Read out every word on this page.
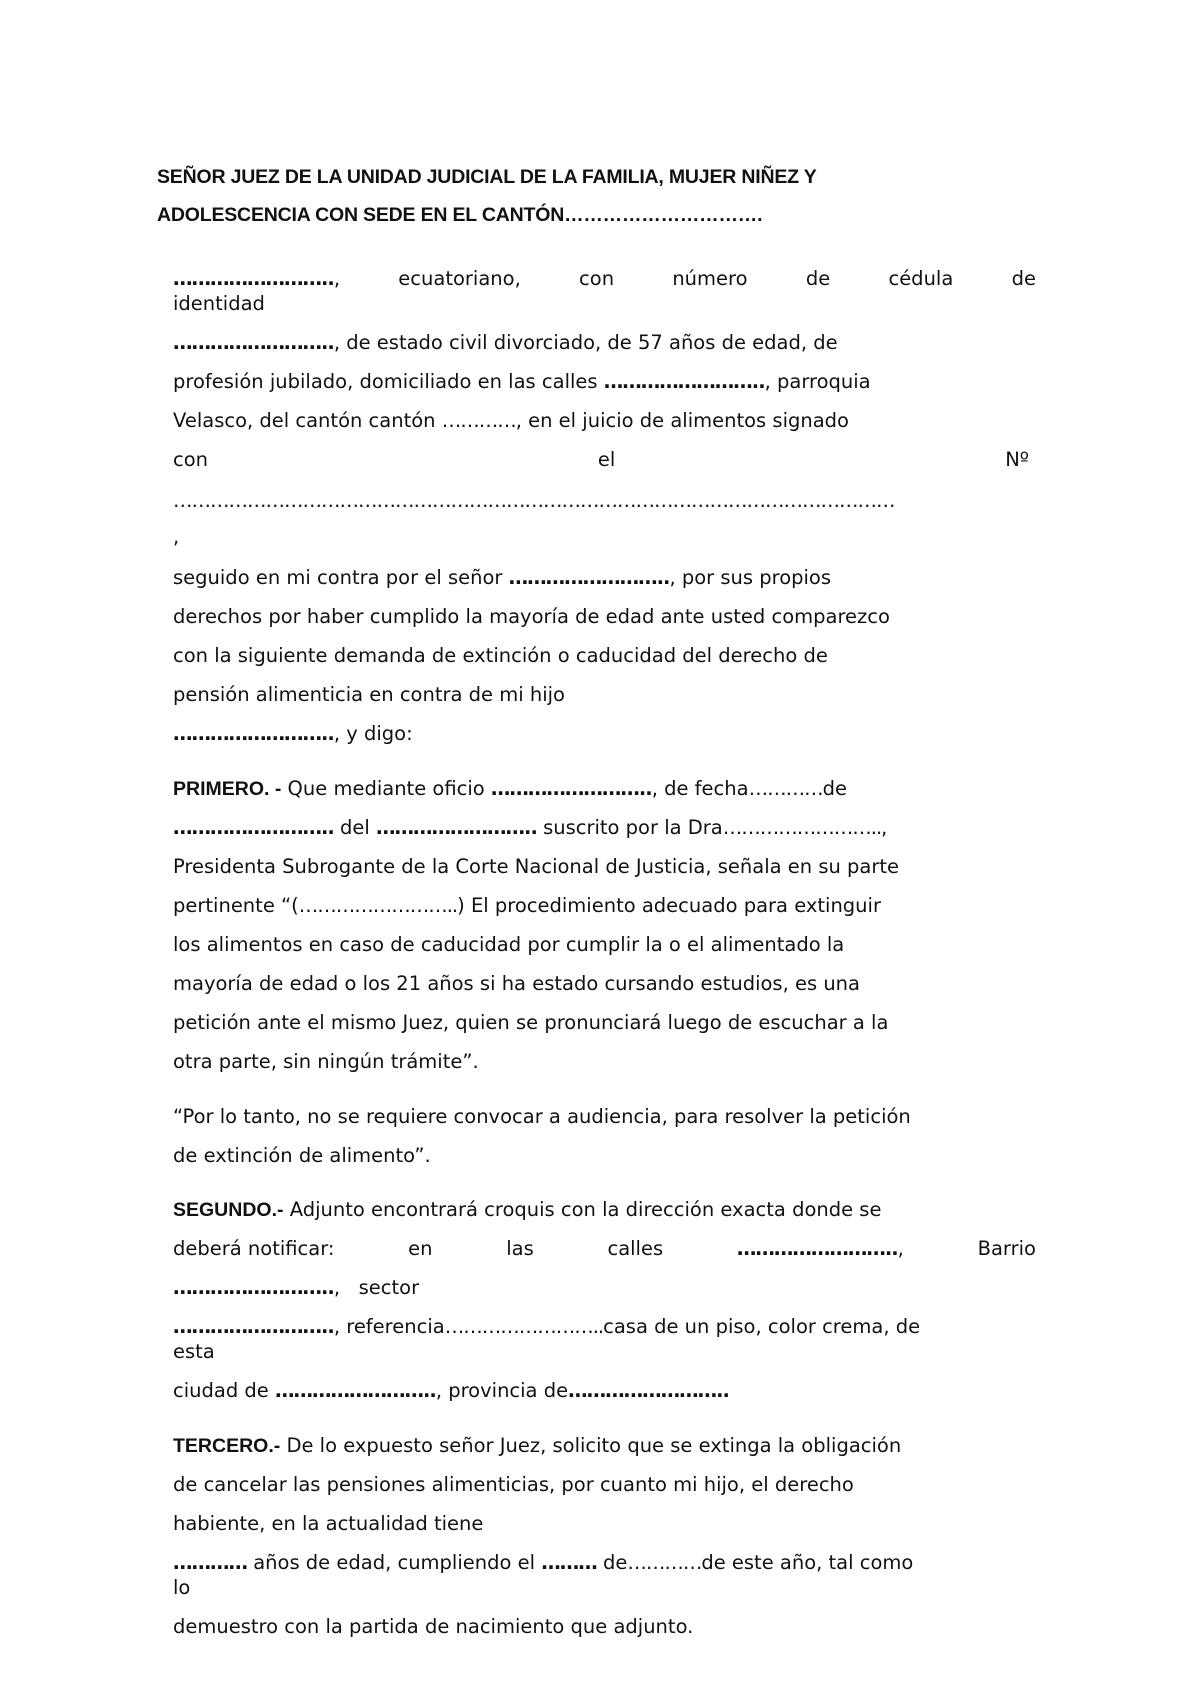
SEÑOR JUEZ DE LA UNIDAD JUDICIAL DE LA FAMILIA, MUJER NIÑEZ Y
ADOLESCENCIA CON SEDE EN EL CANTÓN………………………….
……………………..,	ecuatoriano,	con	número	de	cédula	de
identidad
…………………….., de estado civil divorciado, de 57 años de edad, de
profesión jubilado, domiciliado en las calles …………………….., parroquia
Velasco, del cantón cantón …………, en el juicio de alimentos signado
con	el	Nº
………………………………………………………………………………………………………
,
seguido en mi contra por el señor …………………….., por sus propios
derechos por haber cumplido la mayoría de edad ante usted comparezco
con la siguiente demanda de extinción o caducidad del derecho de
pensión alimenticia en contra de mi hijo
…………………….., y digo:
PRIMERO. - Que mediante oficio …………………….., de fecha…………de
…………………….. del …………………….. suscrito por la Dra……………………..,
Presidenta Subrogante de la Corte Nacional de Justicia, señala en su parte
pertinente “(……………………..) El procedimiento adecuado para extinguir
los alimentos en caso de caducidad por cumplir la o el alimentado la
mayoría de edad o los 21 años si ha estado cursando estudios, es una
petición ante el mismo Juez, quien se pronunciará luego de escuchar a la
otra parte, sin ningún trámite”.
“Por lo tanto, no se requiere convocar a audiencia, para resolver la petición
de extinción de alimento”.
SEGUNDO.- Adjunto encontrará croquis con la dirección exacta donde se
deberá notificar:	en	las	calles	……………………..,	Barrio
…………………….., sector
…………………….., referencia……………………..casa de un piso, color crema, de
esta
ciudad de …………………….., provincia de……………………..
TERCERO.- De lo expuesto señor Juez, solicito que se extinga la obligación
de cancelar las pensiones alimenticias, por cuanto mi hijo, el derecho
habiente, en la actualidad tiene
………… años de edad, cumpliendo el ……… de…………de este año, tal como
lo
demuestro con la partida de nacimiento que adjunto.
